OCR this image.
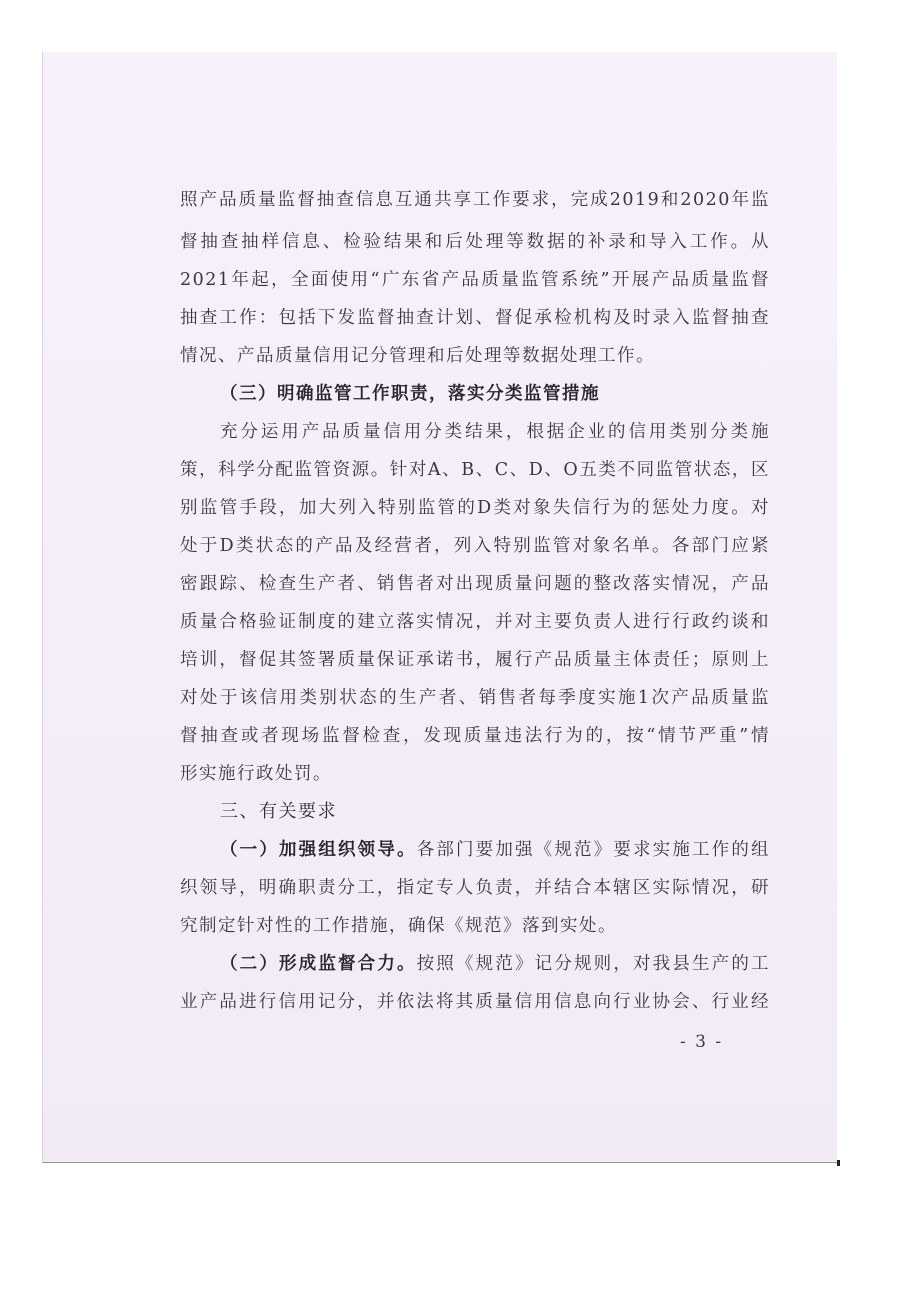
照产品质量监督抽查信息互通共享工作要求，完成2019和2020年监
督抽查抽样信息、检验结果和后处理等数据的补录和导入工作。从
2021年起，全面使用“广东省产品质量监管系统”开展产品质量监督
抽查工作：包括下发监督抽查计划、督促承检机构及时录入监督抽查
情况、产品质量信用记分管理和后处理等数据处理工作。
（三）明确监管工作职责，落实分类监管措施
充分运用产品质量信用分类结果，根据企业的信用类别分类施
策，科学分配监管资源。针对A、B、C、D、O五类不同监管状态，区
别监管手段，加大列入特别监管的D类对象失信行为的惩处力度。对
处于D类状态的产品及经营者，列入特别监管对象名单。各部门应紧
密跟踪、检查生产者、销售者对出现质量问题的整改落实情况，产品
质量合格验证制度的建立落实情况，并对主要负责人进行行政约谈和
培训，督促其签署质量保证承诺书，履行产品质量主体责任；原则上
对处于该信用类别状态的生产者、销售者每季度实施1次产品质量监
督抽查或者现场监督检查，发现质量违法行为的，按“情节严重”情
形实施行政处罚。
三、有关要求
（一）加强组织领导。各部门要加强《规范》要求实施工作的组
织领导，明确职责分工，指定专人负责，并结合本辖区实际情况，研
究制定针对性的工作措施，确保《规范》落到实处。
（二）形成监督合力。按照《规范》记分规则，对我县生产的工
业产品进行信用记分，并依法将其质量信用信息向行业协会、行业经
- 3 -
